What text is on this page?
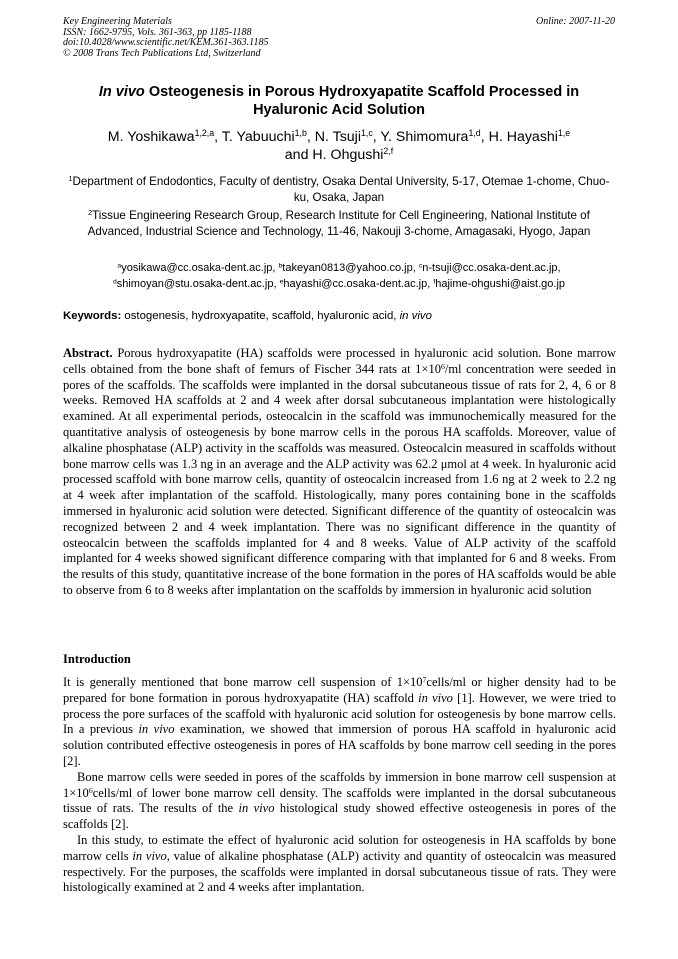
Key Engineering Materials
ISSN: 1662-9795, Vols. 361-363, pp 1185-1188
doi:10.4028/www.scientific.net/KEM.361-363.1185
© 2008 Trans Tech Publications Ltd, Switzerland
Online: 2007-11-20
In vivo Osteogenesis in Porous Hydroxyapatite Scaffold Processed in
Hyaluronic Acid Solution
M. Yoshikawa$^{1,2,a}$, T. Yabuuchi$^{1,b}$, N. Tsuji$^{1,c}$, Y. Shimomura$^{1,d}$, H. Hayashi$^{1,e}$
and H. Ohgushi$^{2,f}$
$^1$Department of Endodontics, Faculty of dentistry, Osaka Dental University, 5-17, Otemae 1-chome, Chuo-ku, Osaka, Japan
$^2$Tissue Engineering Research Group, Research Institute for Cell Engineering, National Institute of Advanced, Industrial Science and Technology, 11-46, Nakouji 3-chome, Amagasaki, Hyogo, Japan
$^a$yosikawa@cc.osaka-dent.ac.jp, $^b$takeyan0813@yahoo.co.jp, $^c$n-tsuji@cc.osaka-dent.ac.jp,
$^d$shimoyan@stu.osaka-dent.ac.jp, $^e$hayashi@cc.osaka-dent.ac.jp, $^f$hajime-ohgushi@aist.go.jp
Keywords: ostogenesis, hydroxyapatite, scaffold, hyaluronic acid, in vivo

Abstract. Porous hydroxyapatite (HA) scaffolds were processed in hyaluronic acid solution. Bone marrow cells obtained from the bone shaft of femurs of Fischer 344 rats at $1\times 10^6/ml$ concentration were seeded in pores of the scaffolds. The scaffolds were implanted in the dorsal subcutaneous tissue of rats for 2, 4, 6 or 8 weeks. Removed HA scaffolds at 2 and 4 week after dorsal subcutaneous implantation were histologically examined. At all experimental periods, osteocalcin in the scaffold was immunochemically measured for the quantitative analysis of osteogenesis by bone marrow cells in the porous HA scaffolds. Moreover, value of alkaline phosphatase (ALP) activity in the scaffolds was measured. Osteocalcin measured in scaffolds without bone marrow cells was 1.3 ng in an average and the ALP activity was 62.2 μmol at 4 week. In hyaluronic acid processed scaffold with bone marrow cells, quantity of osteocalcin increased from 1.6 ng at 2 week to 2.2 ng at 4 week after implantation of the scaffold. Histologically, many pores containing bone in the scaffolds immersed in hyaluronic acid solution were detected. Significant difference of the quantity of osteocalcin was recognized between 2 and 4 week implantation. There was no significant difference in the quantity of osteocalcin between the scaffolds implanted for 4 and 8 weeks. Value of ALP activity of the scaffold implanted for 4 weeks showed significant difference comparing with that implanted for 6 and 8 weeks. From the results of this study, quantitative increase of the bone formation in the pores of HA scaffolds would be able to observe from 6 to 8 weeks after implantation on the scaffolds by immersion in hyaluronic acid solution

Introduction

It is generally mentioned that bone marrow cell suspension of $1\times 10^7cells/ml$ or higher density had to be prepared for bone formation in porous hydroxyapatite (HA) scaffold in vivo [1]. However, we were tried to process the pore surfaces of the scaffold with hyaluronic acid solution for osteogenesis by bone marrow cells. In a previous in vivo examination, we showed that immersion of porous HA scaffold in hyaluronic acid solution contributed effective osteogenesis in pores of HA scaffolds by bone marrow cell seeding in the pores [2].

Bone marrow cells were seeded in pores of the scaffolds by immersion in bone marrow cell suspension at $1\times 10^6cells/ml$ of lower bone marrow cell density. The scaffolds were implanted in the dorsal subcutaneous tissue of rats. The results of the in vivo histological study showed effective osteogenesis in pores of the scaffolds [2].

In this study, to estimate the effect of hyaluronic acid solution for osteogenesis in HA scaffolds by bone marrow cells in vivo, value of alkaline phosphatase (ALP) activity and quantity of osteocalcin was measured respectively. For the purposes, the scaffolds were implanted in dorsal subcutaneous tissue of rats. They were histologically examined at 2 and 4 weeks after implantation.
